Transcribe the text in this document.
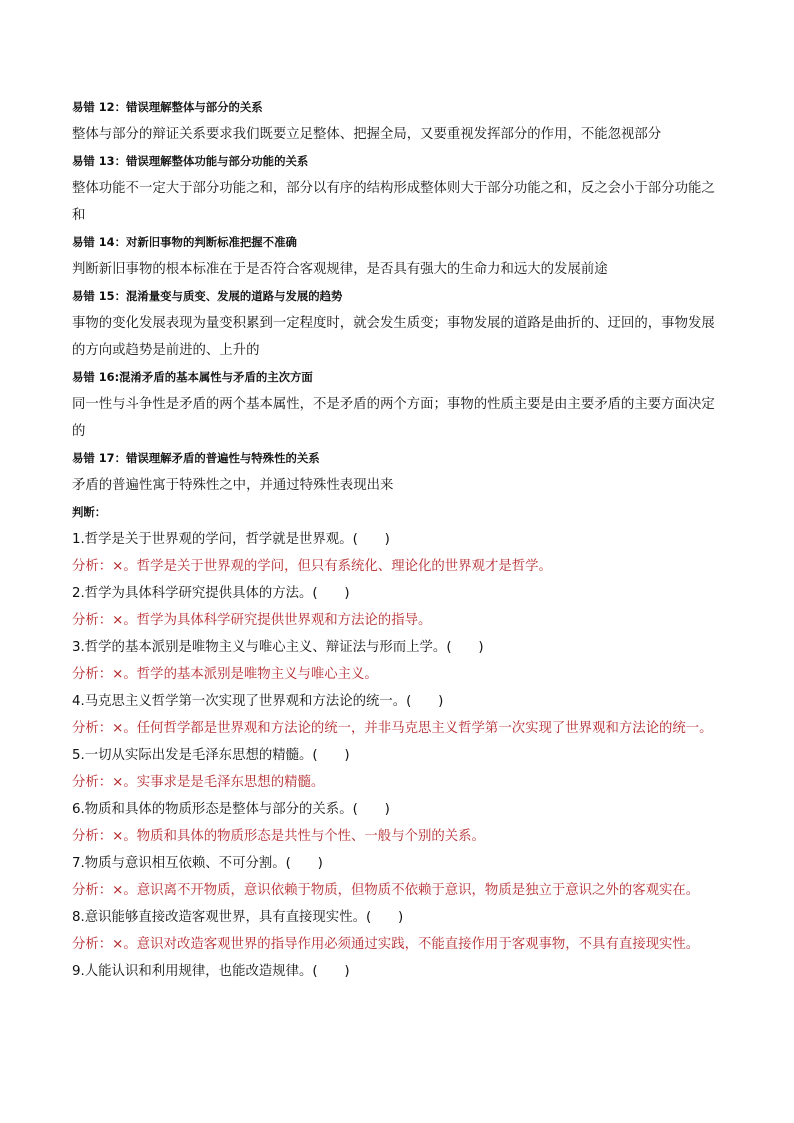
易错 12：错误理解整体与部分的关系
整体与部分的辩证关系要求我们既要立足整体、把握全局，又要重视发挥部分的作用，不能忽视部分
易错 13：错误理解整体功能与部分功能的关系
整体功能不一定大于部分功能之和，部分以有序的结构形成整体则大于部分功能之和，反之会小于部分功能之和
易错 14：对新旧事物的判断标准把握不准确
判断新旧事物的根本标准在于是否符合客观规律，是否具有强大的生命力和远大的发展前途
易错 15：混淆量变与质变、发展的道路与发展的趋势
事物的变化发展表现为量变积累到一定程度时，就会发生质变；事物发展的道路是曲折的、迂回的，事物发展的方向或趋势是前进的、上升的
易错 16:混淆矛盾的基本属性与矛盾的主次方面
同一性与斗争性是矛盾的两个基本属性，不是矛盾的两个方面；事物的性质主要是由主要矛盾的主要方面决定的
易错 17：错误理解矛盾的普遍性与特殊性的关系
矛盾的普遍性寓于特殊性之中，并通过特殊性表现出来
判断：
1.哲学是关于世界观的学问，哲学就是世界观。(　　)
分析：×。哲学是关于世界观的学问，但只有系统化、理论化的世界观才是哲学。
2.哲学为具体科学研究提供具体的方法。(　　)
分析：×。哲学为具体科学研究提供世界观和方法论的指导。
3.哲学的基本派别是唯物主义与唯心主义、辩证法与形而上学。(　　)
分析：×。哲学的基本派别是唯物主义与唯心主义。
4.马克思主义哲学第一次实现了世界观和方法论的统一。(　　)
分析：×。任何哲学都是世界观和方法论的统一，并非马克思主义哲学第一次实现了世界观和方法论的统一。
5.一切从实际出发是毛泽东思想的精髓。(　　)
分析：×。实事求是是毛泽东思想的精髓。
6.物质和具体的物质形态是整体与部分的关系。(　　)
分析：×。物质和具体的物质形态是共性与个性、一般与个别的关系。
7.物质与意识相互依赖、不可分割。(　　)
分析：×。意识离不开物质，意识依赖于物质，但物质不依赖于意识，物质是独立于意识之外的客观实在。
8.意识能够直接改造客观世界，具有直接现实性。(　　)
分析：×。意识对改造客观世界的指导作用必须通过实践，不能直接作用于客观事物，不具有直接现实性。
9.人能认识和利用规律，也能改造规律。(　　)
